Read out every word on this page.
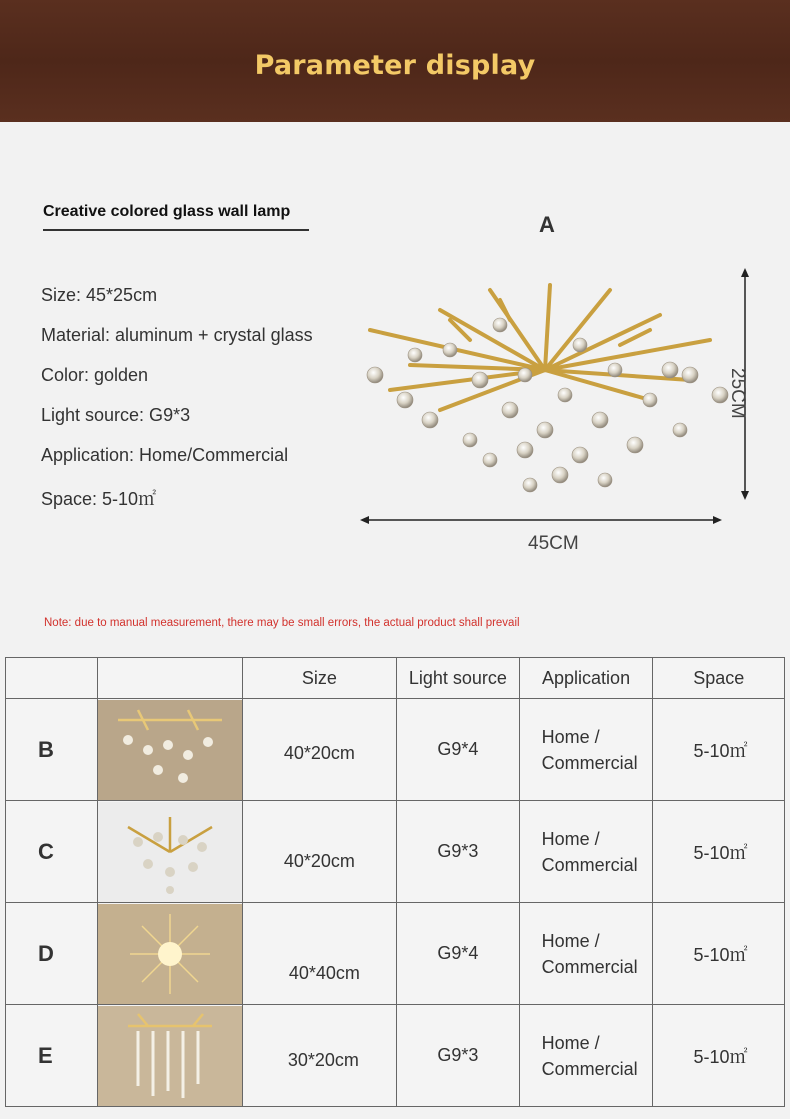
Parameter display
Creative colored glass wall lamp
A
Size: 45*25cm
Material: aluminum + crystal glass
Color: golden
Light source: G9*3
Application: Home/Commercial
Space: 5-10㎡
45CM
25CM
Note: due to manual measurement, there may be small errors, the actual product shall prevail
		Size	Light source	Application	Space
B		40*20cm	G9*4	Home /
Commercial	5-10㎡
C		40*20cm	G9*3	Home /
Commercial	5-10㎡
D		40*40cm	G9*4	Home /
Commercial	5-10㎡
E		30*20cm	G9*3	Home /
Commercial	5-10㎡
